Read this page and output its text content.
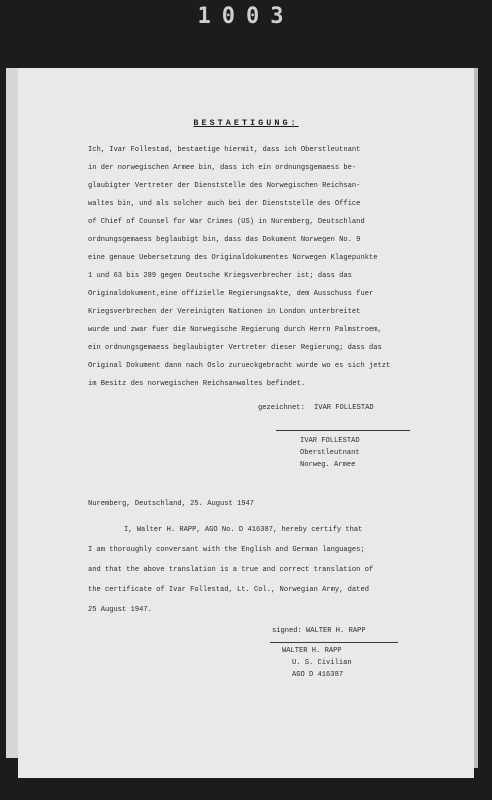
1003
BESTAETIGUNG:
Ich, Ivar Follestad, bestaetige hiermit, dass ich Oberstleutnant
in der norwegischen Armee bin, dass ich ein ordnungsgemaess be-
glaubigter Vertreter der Dienststelle des Norwegischen Reichsan-
waltes bin, und als solcher auch bei der Dienststelle des Office
of Chief of Counsel for War Crimes (US) in Nuremberg, Deutschland
ordnungsgemaess beglaubigt bin, dass das Dokument Norwegen No. 9
eine genaue Uebersetzung des Originaldokumentes Norwegen Klagepunkte
1 und 63 bis 289 gegen Deutsche Kriegsverbrecher ist; dass das
Originaldokument,eine offizielle Regierungsakte, dem Ausschuss fuer
Kriegsverbrechen der Vereinigten Nationen in London unterbreitet
wurde und zwar fuer die Norwegische Regierung durch Herrn Palmstroem,
ein ordnungsgemaess beglaubigter Vertreter dieser Regierung; dass das
Original Dokument dann nach Oslo zurueckgebracht wurde wo es sich jetzt
im Besitz des norwegischen Reichsanwaltes befindet.
gezeichnet: IVAR FOLLESTAD
IVAR FOLLESTAD
Oberstleutnant
Norweg. Armee
Nuremberg, Deutschland, 25. August 1947
I, Walter H. RAPP, AGO No. D 416387, hereby certify that
I am thoroughly conversant with the English and German languages;
and that the above translation is a true and correct translation of
the certificate of Ivar Follestad, Lt. Col., Norwegian Army, dated
25 August 1947.
signed: WALTER H. RAPP
WALTER H. RAPP
U. S. Civilian
AGO D 416387
